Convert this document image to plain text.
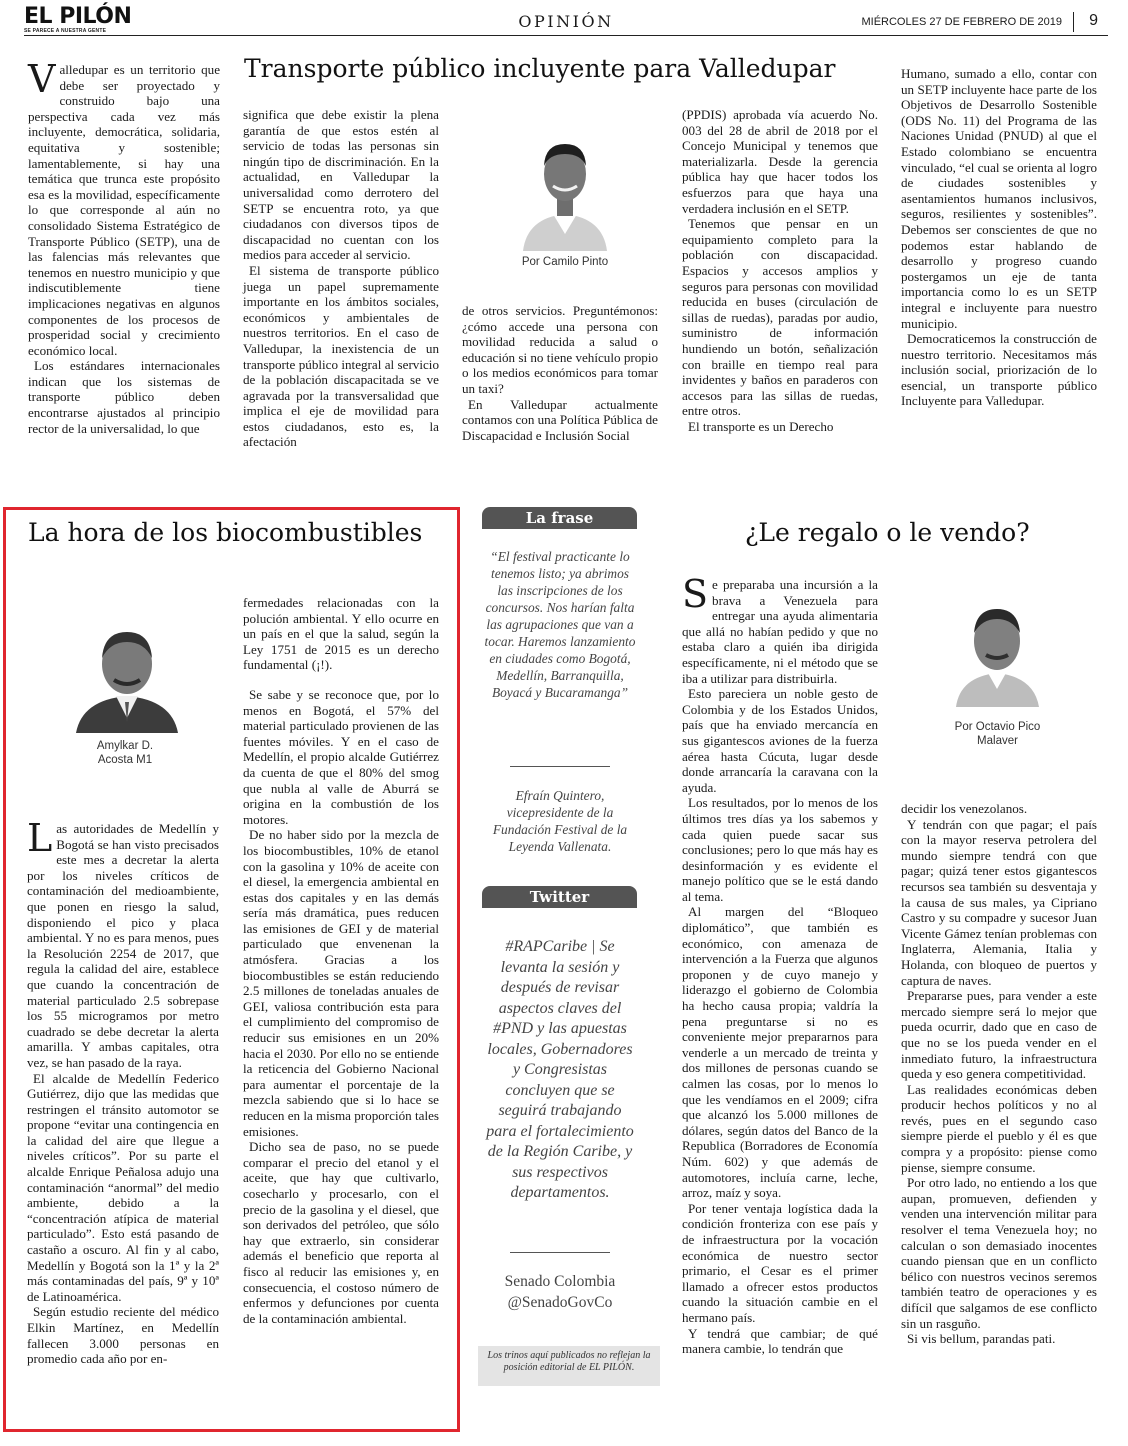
EL PILÓN
SE PARECE A NUESTRA GENTE	OPINIÓN	MIÉRCOLES 27 DE FEBRERO DE 2019 9
Transporte público incluyente para Valledupar
V alledupar es un territorio que debe ser proyectado y construido bajo una perspectiva cada vez más incluyente, democrática, solidaria, equitativa y sostenible; lamentablemente, si hay una temática que trunca este propósito esa es la movilidad, específicamente lo que corresponde al aún no consolidado Sistema Estratégico de Transporte Público (SETP), una de las falencias más relevantes que tenemos en nuestro municipio y que indiscutiblemente tiene implicaciones negativas en algunos componentes de los procesos de prosperidad social y crecimiento económico local.

Los estándares internacionales indican que los sistemas de transporte público deben encontrarse ajustados al principio rector de la universalidad, lo que

significa que debe existir la plena garantía de que estos estén al servicio de todas las personas sin ningún tipo de discriminación. En la actualidad, en Valledupar la universalidad como derrotero del SETP se encuentra roto, ya que ciudadanos con diversos tipos de discapacidad no cuentan con los medios para acceder al servicio.

El sistema de transporte público juega un papel supremamente importante en los ámbitos sociales, económicos y ambientales de nuestros territorios. En el caso de Valledupar, la inexistencia de un transporte público integral al servicio de la población discapacitada se ve agravada por la transversalidad que implica el eje de movilidad para estos ciudadanos, esto es, la afectación

Por Camilo Pinto

de otros servicios. Preguntémonos: ¿cómo accede una persona con movilidad reducida a salud o educación si no tiene vehículo propio o los medios económicos para tomar un taxi?

En Valledupar actualmente contamos con una Política Pública de Discapacidad e Inclusión Social

(PPDIS) aprobada vía acuerdo No. 003 del 28 de abril de 2018 por el Concejo Municipal y tenemos que materializarla. Desde la gerencia pública hay que hacer todos los esfuerzos para que haya una verdadera inclusión en el SETP.

Tenemos que pensar en un equipamiento completo para la población con discapacidad. Espacios y accesos amplios y seguros para personas con movilidad reducida en buses (circulación de sillas de ruedas), paradas por audio, suministro de información hundiendo un botón, señalización con braille en tiempo real para invidentes y baños en paraderos con accesos para las sillas de ruedas, entre otros.

El transporte es un Derecho

Humano, sumado a ello, contar con un SETP incluyente hace parte de los Objetivos de Desarrollo Sostenible (ODS No. 11) del Programa de las Naciones Unidad (PNUD) al que el Estado colombiano se encuentra vinculado, “el cual se orienta al logro de ciudades sostenibles y asentamientos humanos inclusivos, seguros, resilientes y sostenibles”. Debemos ser conscientes de que no podemos estar hablando de desarrollo y progreso cuando postergamos un eje de tanta importancia como lo es un SETP integral e incluyente para nuestro municipio.

Democraticemos la construcción de nuestro territorio. Necesitamos más inclusión social, priorización de lo esencial, un transporte público Incluyente para Valledupar.

La hora de los biocombustibles
Amylkar D.
Acosta M1
L as autoridades de Medellín y Bogotá se han visto precisados este mes a decretar la alerta por los niveles críticos de contaminación del medioambiente, que ponen en riesgo la salud, disponiendo el pico y placa ambiental. Y no es para menos, pues la Resolución 2254 de 2017, que regula la calidad del aire, establece que cuando la concentración de material particulado 2.5 sobrepase los 55 microgramos por metro cuadrado se debe decretar la alerta amarilla. Y ambas capitales, otra vez, se han pasado de la raya.

El alcalde de Medellín Federico Gutiérrez, dijo que las medidas que restringen el tránsito automotor se propone “evitar una contingencia en la calidad del aire que llegue a niveles críticos”. Por su parte el alcalde Enrique Peñalosa adujo una contaminación “anormal” del medio ambiente, debido a la “concentración atípica de material particulado”. Esto está pasando de castaño a oscuro. Al fin y al cabo, Medellín y Bogotá son la 1ª y la 2ª más contaminadas del país, 9ª y 10ª de Latinoamérica.

Según estudio reciente del médico Elkin Martínez, en Medellín fallecen 3.000 personas en promedio cada año por en-

fermedades relacionadas con la polución ambiental. Y ello ocurre en un país en el que la salud, según la Ley 1751 de 2015 es un derecho fundamental (¡!).

Se sabe y se reconoce que, por lo menos en Bogotá, el 57% del material particulado provienen de las fuentes móviles. Y en el caso de Medellín, el propio alcalde Gutiérrez da cuenta de que el 80% del smog que nubla al valle de Aburrá se origina en la combustión de los motores.

De no haber sido por la mezcla de los biocombustibles, 10% de etanol con la gasolina y 10% de aceite con el diesel, la emergencia ambiental en estas dos capitales y en las demás sería más dramática, pues reducen las emisiones de GEI y de material particulado que envenenan la atmósfera. Gracias a los biocombustibles se están reduciendo 2.5 millones de toneladas anuales de GEI, valiosa contribución esta para el cumplimiento del compromiso de reducir sus emisiones en un 20% hacia el 2030. Por ello no se entiende la reticencia del Gobierno Nacional para aumentar el porcentaje de la mezcla sabiendo que si lo hace se reducen en la misma proporción tales emisiones.

Dicho sea de paso, no se puede comparar el precio del etanol y el aceite, que hay que cultivarlo, cosecharlo y procesarlo, con el precio de la gasolina y el diesel, que son derivados del petróleo, que sólo hay que extraerlo, sin considerar además el beneficio que reporta al fisco al reducir las emisiones y, en consecuencia, el costoso número de enfermos y defunciones por cuenta de la contaminación ambiental.

La frase
“El festival practicante lo tenemos listo; ya abrimos las inscripciones de los concursos. Nos harían falta las agrupaciones que van a tocar. Haremos lanzamiento en ciudades como Bogotá, Medellín, Barranquilla, Boyacá y Bucaramanga”
Efraín Quintero, vicepresidente de la Fundación Festival de la Leyenda Vallenata.
Twitter
#RAPCaribe | Se levanta la sesión y después de revisar aspectos claves del #PND y las apuestas locales, Gobernadores y Congresistas concluyen que se seguirá trabajando para el fortalecimiento de la Región Caribe, y sus respectivos departamentos.
Senado Colombia
@SenadoGovCo
Los trinos aquí publicados no reflejan la posición editorial de EL PILÓN.
¿Le regalo o le vendo?
S e preparaba una incursión a la brava a Venezuela para entregar una ayuda alimentaria que allá no habían pedido y que no estaba claro a quién iba dirigida específicamente, ni el método que se iba a utilizar para distribuirla.

Esto pareciera un noble gesto de Colombia y de los Estados Unidos, país que ha enviado mercancía en sus gigantescos aviones de la fuerza aérea hasta Cúcuta, lugar desde donde arrancaría la caravana con la ayuda.

Los resultados, por lo menos de los últimos tres días ya los sabemos y cada quien puede sacar sus conclusiones; pero lo que más hay es desinformación y es evidente el manejo político que se le está dando al tema.

Al margen del “Bloqueo diplomático”, que también es económico, con amenaza de intervención a la Fuerza que algunos proponen y de cuyo manejo y liderazgo el gobierno de Colombia ha hecho causa propia; valdría la pena preguntarse si no es conveniente mejor prepararnos para venderle a un mercado de treinta y dos millones de personas cuando se calmen las cosas, por lo menos lo que les vendíamos en el 2009; cifra que alcanzó los 5.000 millones de dólares, según datos del Banco de la Republica (Borradores de Economía Núm. 602) y que además de automotores, incluía carne, leche, arroz, maíz y soya.

Por tener ventaja logística dada la condición fronteriza con ese país y de infraestructura por la vocación económica de nuestro sector primario, el Cesar es el primer llamado a ofrecer estos productos cuando la situación cambie en el hermano país.

Y tendrá que cambiar; de qué manera cambie, lo tendrán que

Por Octavio Pico
Malaver

decidir los venezolanos.

Y tendrán con que pagar; el país con la mayor reserva petrolera del mundo siempre tendrá con que pagar; quizá tener estos gigantescos recursos sea también su desventaja y la causa de sus males, ya Cipriano Castro y su compadre y sucesor Juan Vicente Gámez tenían problemas con Inglaterra, Alemania, Italia y Holanda, con bloqueo de puertos y captura de naves.

Prepararse pues, para vender a este mercado siempre será lo mejor que pueda ocurrir, dado que en caso de que no se los pueda vender en el inmediato futuro, la infraestructura queda y eso genera competitividad.

Las realidades económicas deben producir hechos políticos y no al revés, pues en el segundo caso siempre pierde el pueblo y él es que compra y a propósito: piense como piense, siempre consume.

Por otro lado, no entiendo a los que aupan, promueven, defienden y venden una intervención militar para resolver el tema Venezuela hoy; no calculan o son demasiado inocentes cuando piensan que en un conflicto bélico con nuestros vecinos seremos también teatro de operaciones y es difícil que salgamos de ese conflicto sin un rasguño.

Si vis bellum, parandas pati.
